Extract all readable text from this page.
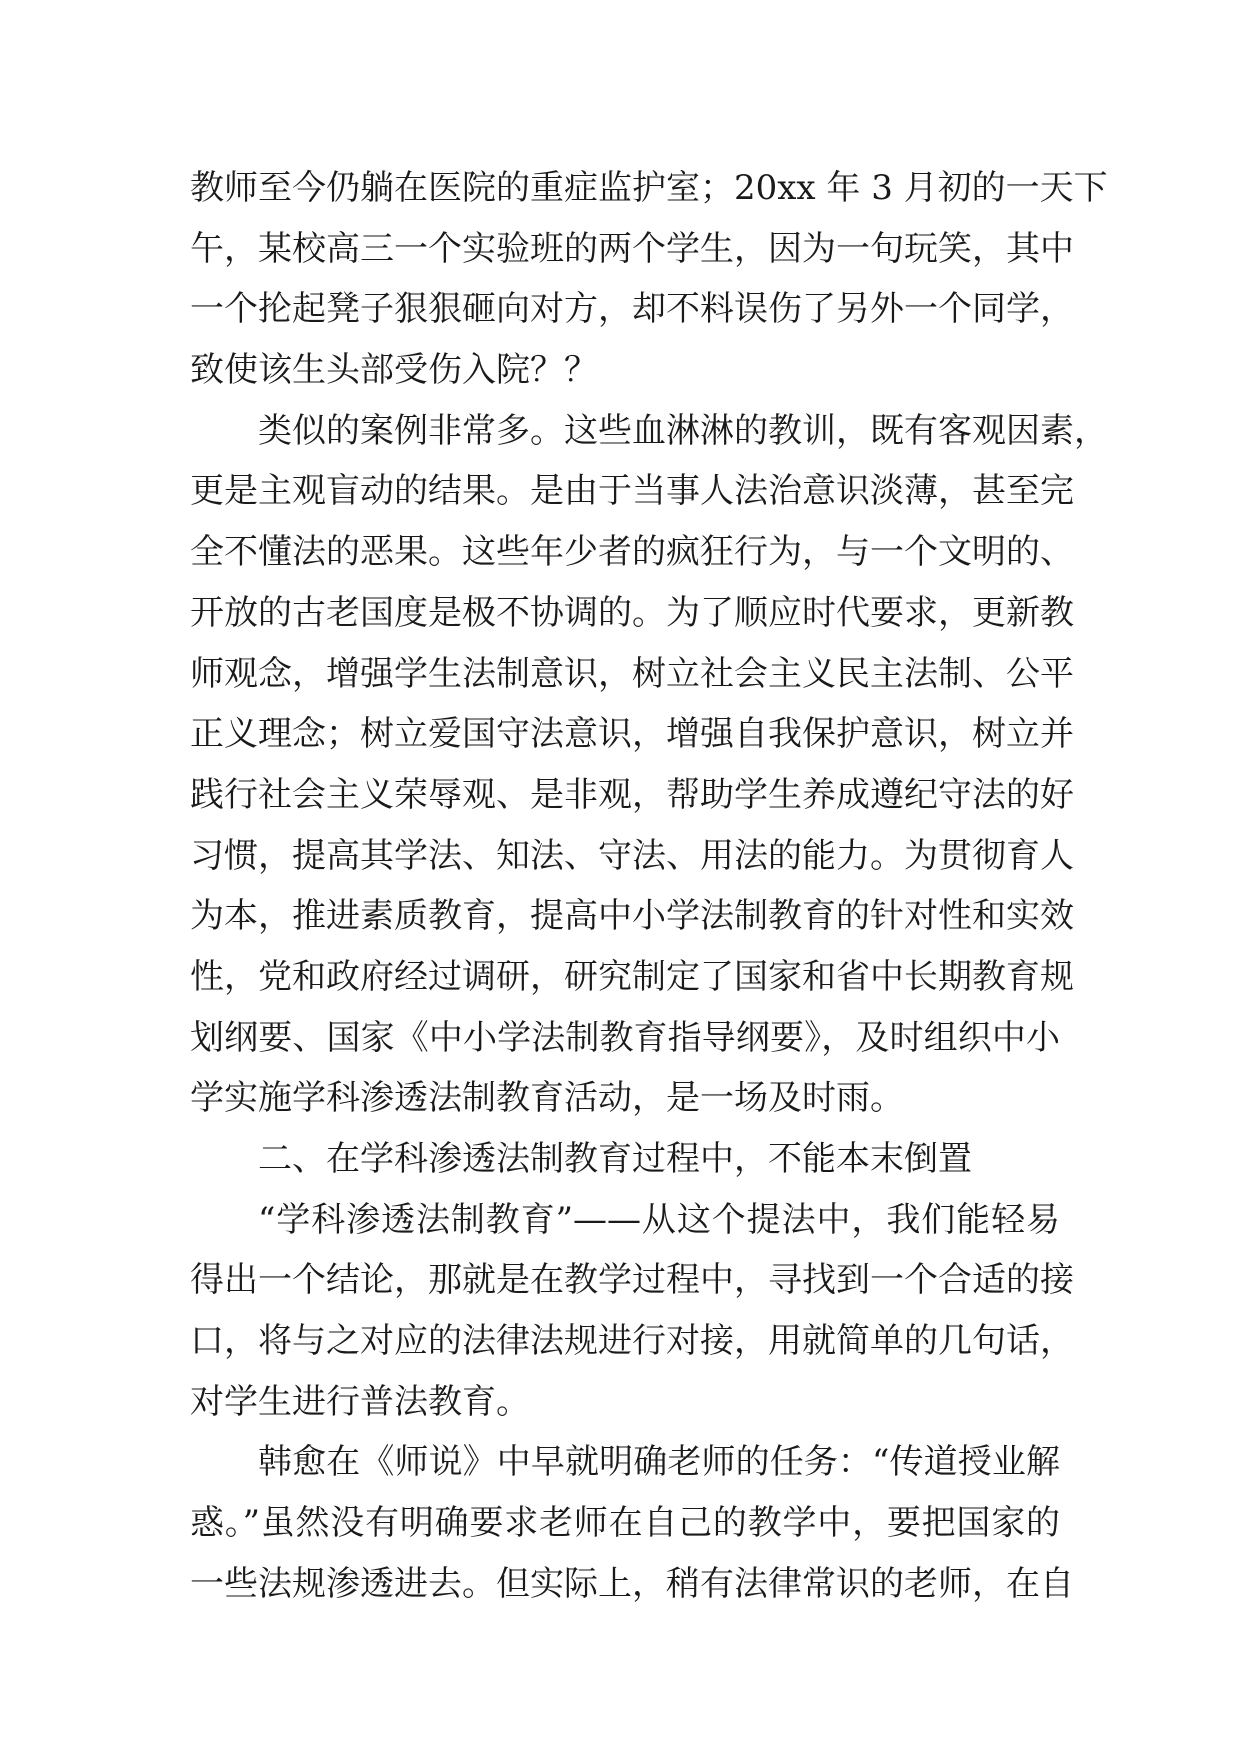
教师至今仍躺在医院的重症监护室；20xx 年 3 月初的一天下
午，某校高三一个实验班的两个学生，因为一句玩笑，其中
一个抡起凳子狠狠砸向对方，却不料误伤了另外一个同学，
致使该生头部受伤入院？？
类似的案例非常多。这些血淋淋的教训，既有客观因素，
更是主观盲动的结果。是由于当事人法治意识淡薄，甚至完
全不懂法的恶果。这些年少者的疯狂行为，与一个文明的、
开放的古老国度是极不协调的。为了顺应时代要求，更新教
师观念，增强学生法制意识，树立社会主义民主法制、公平
正义理念；树立爱国守法意识，增强自我保护意识，树立并
践行社会主义荣辱观、是非观，帮助学生养成遵纪守法的好
习惯，提高其学法、知法、守法、用法的能力。为贯彻育人
为本，推进素质教育，提高中小学法制教育的针对性和实效
性，党和政府经过调研，研究制定了国家和省中长期教育规
划纲要、国家《中小学法制教育指导纲要》，及时组织中小
学实施学科渗透法制教育活动，是一场及时雨。
二、在学科渗透法制教育过程中，不能本末倒置
“学科渗透法制教育”——从这个提法中，我们能轻易
得出一个结论，那就是在教学过程中，寻找到一个合适的接
口，将与之对应的法律法规进行对接，用就简单的几句话，
对学生进行普法教育。
韩愈在《师说》中早就明确老师的任务：“传道授业解
惑。”虽然没有明确要求老师在自己的教学中，要把国家的
一些法规渗透进去。但实际上，稍有法律常识的老师，在自
